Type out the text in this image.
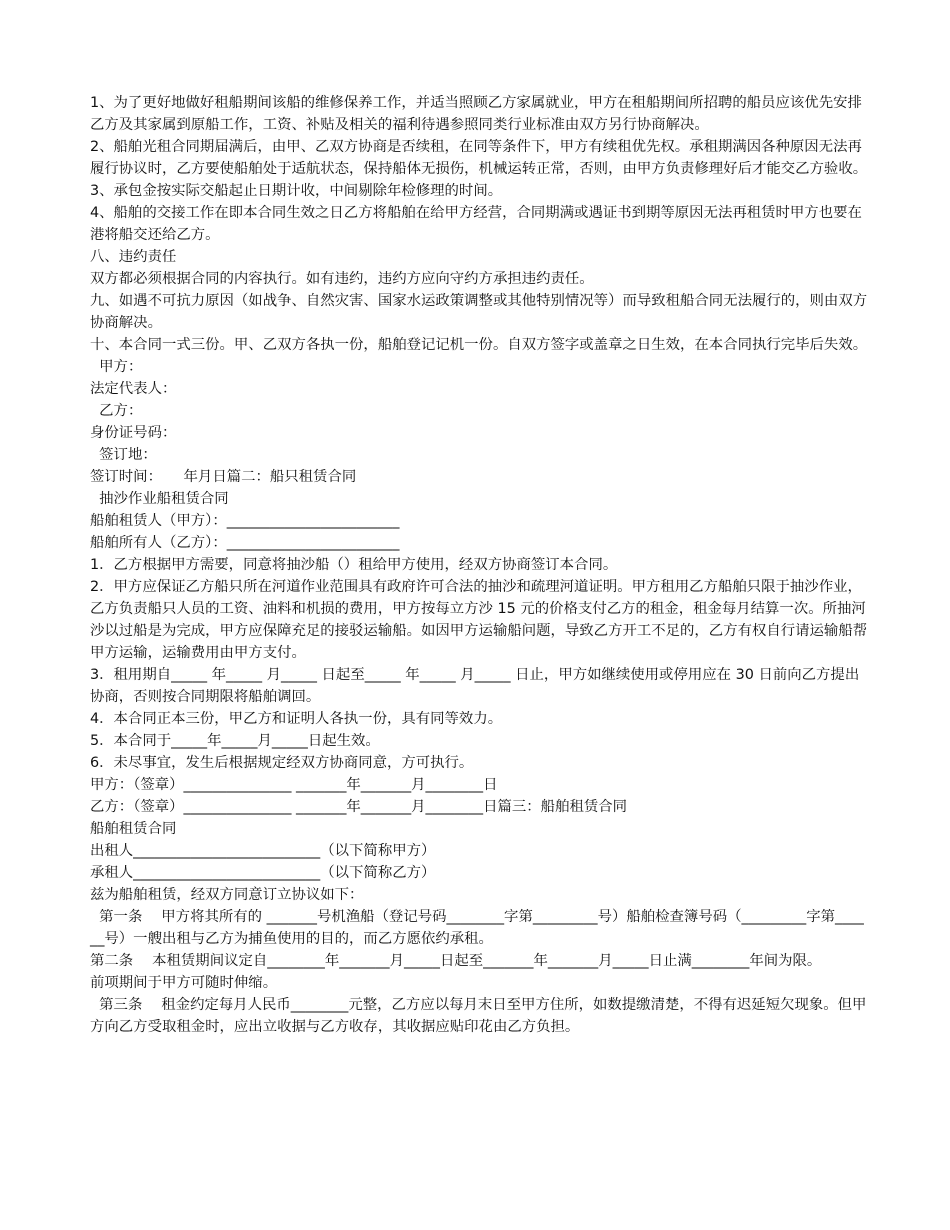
1、为了更好地做好租船期间该船的维修保养工作，并适当照顾乙方家属就业，甲方在租船期间所招聘的船员应该优先安排乙方及其家属到原船工作，工资、补贴及相关的福利待遇参照同类行业标准由双方另行协商解决。

2、船舶光租合同期届满后，由甲、乙双方协商是否续租，在同等条件下，甲方有续租优先权。承租期满因各种原因无法再履行协议时，乙方要使船舶处于适航状态，保持船体无损伤，机械运转正常，否则，由甲方负责修理好后才能交乙方验收。

3、承包金按实际交船起止日期计收，中间剔除年检修理的时间。

4、船舶的交接工作在即本合同生效之日乙方将船舶在给甲方经营，合同期满或遇证书到期等原因无法再租赁时甲方也要在　 港将船交还给乙方。

八、违约责任

双方都必须根据合同的内容执行。如有违约，违约方应向守约方承担违约责任。

九、如遇不可抗力原因（如战争、自然灾害、国家水运政策调整或其他特别情况等）而导致租船合同无法履行的，则由双方协商解决。

十、本合同一式三份。甲、乙双方各执一份，船舶登记记机一份。自双方签字或盖章之日生效，在本合同执行完毕后失效。

甲方：

法定代表人：

乙方：

身份证号码：

签订地：

签订时间：　　年月日篇二：船只租赁合同

抽沙作业船租赁合同

船舶租赁人（甲方）：________________________

船舶所有人（乙方）：________________________

1．乙方根据甲方需要，同意将抽沙船（）租给甲方使用，经双方协商签订本合同。

2．甲方应保证乙方船只所在河道作业范围具有政府许可合法的抽沙和疏理河道证明。甲方租用乙方船舶只限于抽沙作业，乙方负责船只人员的工资、油料和机损的费用，甲方按每立方沙 15 元的价格支付乙方的租金，租金每月结算一次。所抽河沙以过船是为完成，甲方应保障充足的接驳运输船。如因甲方运输船问题，导致乙方开工不足的，乙方有权自行请运输船帮甲方运输，运输费用由甲方支付。

3．租用期自_____ 年_____ 月_____ 日起至_____ 年_____ 月_____ 日止，甲方如继续使用或停用应在 30 日前向乙方提出协商，否则按合同期限将船舶调回。

4．本合同正本三份，甲乙方和证明人各执一份，具有同等效力。

5．本合同于_____年_____月_____日起生效。

6．未尽事宜，发生后根据规定经双方协商同意，方可执行。

甲方：（签章）_______________ _______年_______月________日

乙方：（签章）_______________ _______年_______月________日篇三：船舶租赁合同

船舶租赁合同

出租人__________________________（以下简称甲方）

承租人__________________________（以下简称乙方）

兹为船舶租赁，经双方同意订立协议如下：

第一条　 甲方将其所有的 _______号机渔船（登记号码________字第_________号）船舶检查簿号码（_________字第______号）一艘出租与乙方为捕鱼使用的目的，而乙方愿依约承租。

第二条　 本租赁期间议定自________年_______月_____日起至_______年_______月_____日止满________年间为限。

前项期间于甲方可随时伸缩。

第三条　 租金约定每月人民币________元整，乙方应以每月末日至甲方住所，如数提缴清楚，不得有迟延短欠现象。但甲方向乙方受取租金时，应出立收据与乙方收存，其收据应贴印花由乙方负担。
